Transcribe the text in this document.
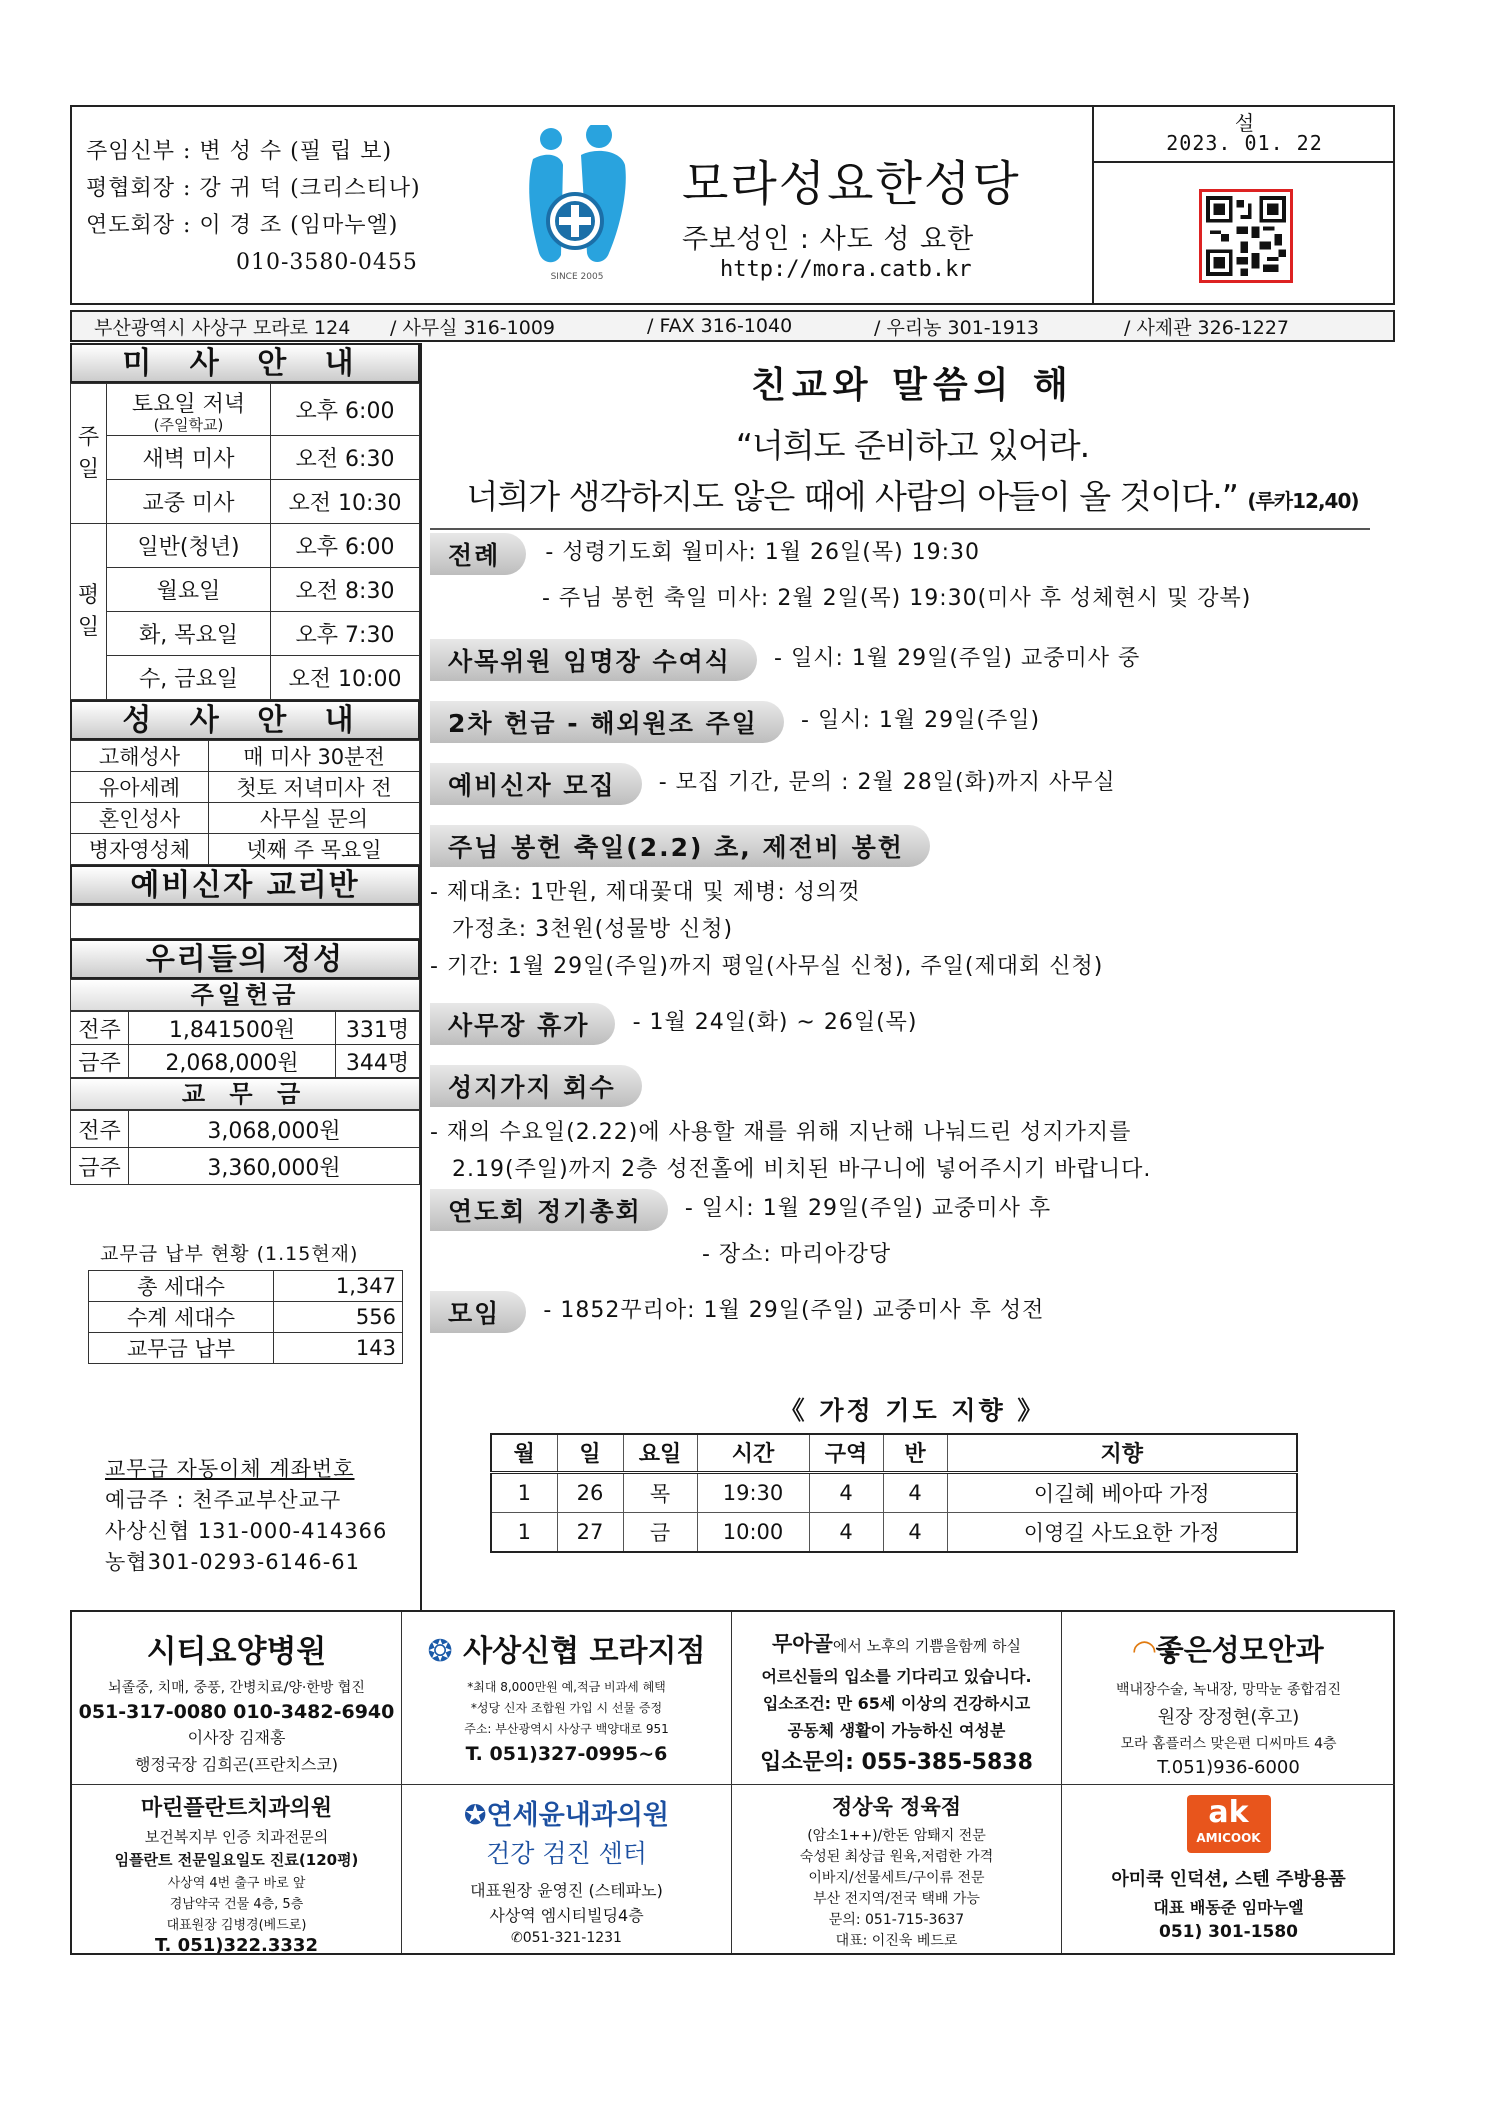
주임신부 : 변 성 수 (필 립 보)
평협회장 : 강 귀 덕 (크리스티나)
연도회장 : 이 경 조 (임마누엘)
010-3580-0455
SINCE 2005
모라성요한성당
주보성인 : 사도 성 요한
http://mora.catb.kr
설
2023. 01. 22
부산광역시 사상구 모라로 124 / 사무실 316-1009	/ FAX 316-1040	/ 우리농 301-1913	/ 사제관 326-1227
미 사 안 내
주일	토요일 저녁
(주일학교)	오후 6:00
	새벽 미사	오전 6:30
	교중 미사	오전 10:30
평일	일반(청년)	오후 6:00
	월요일	오전 8:30
	화, 목요일	오후 7:30
	수, 금요일	오전 10:00
성 사 안 내
고해성사	매 미사 30분전
유아세례	첫토 저녁미사 전
혼인성사	사무실 문의
병자영성체	넷째 주 목요일
예비신자 교리반
우리들의 정성
주일헌금
전주	1,841500원	331명
금주	2,068,000원	344명
교 무 금
전주	3,068,000원
금주	3,360,000원
교무금 납부 현황 (1.15현재)
총 세대수	1,347
수계 세대수	556
교무금 납부	143
교무금 자동이체 계좌번호
예금주 : 천주교부산교구
사상신협 131-000-414366
농협301-0293-6146-61
친교와 말씀의 해
“너희도 준비하고 있어라.
너희가 생각하지도 않은 때에 사람의 아들이 올 것이다.” (루카12,40)
전례 - 성령기도회 월미사: 1월 26일(목) 19:30
- 주님 봉헌 축일 미사: 2월 2일(목) 19:30(미사 후 성체현시 및 강복)
사목위원 임명장 수여식 - 일시: 1월 29일(주일) 교중미사 중
2차 헌금 - 해외원조 주일 - 일시: 1월 29일(주일)
예비신자 모집 - 모집 기간, 문의 : 2월 28일(화)까지 사무실
주님 봉헌 축일(2.2) 초, 제전비 봉헌
- 제대초: 1만원, 제대꽃대 및 제병: 성의껏
가정초: 3천원(성물방 신청)
- 기간: 1월 29일(주일)까지 평일(사무실 신청), 주일(제대회 신청)
사무장 휴가 - 1월 24일(화) ~ 26일(목)
성지가지 회수
- 재의 수요일(2.22)에 사용할 재를 위해 지난해 나눠드린 성지가지를
2.19(주일)까지 2층 성전홀에 비치된 바구니에 넣어주시기 바랍니다.
연도회 정기총회 - 일시: 1월 29일(주일) 교중미사 후
- 장소: 마리아강당
모임 - 1852꾸리아: 1월 29일(주일) 교중미사 후 성전
《 가정 기도 지향 》
월	일	요일	시간	구역	반	지향
1	26	목	19:30	4	4	이길혜 베아따 가정
1	27	금	10:00	4	4	이영길 사도요한 가정

시티요양병원

뇌졸중, 치매, 중풍, 간병치료/양·한방 협진

051-317-0080 010-3482-6940

이사장 김재홍

행정국장 김희곤(프란치스코)

❂ 사상신협 모라지점

*최대 8,000만원 예,적금 비과세 혜택

*성당 신자 조합원 가입 시 선물 증정

주소: 부산광역시 사상구 백양대로 951

T. 051)327-0995~6

무아골에서 노후의 기쁨을함께 하실

어르신들의 입소를 기다리고 있습니다.

입소조건: 만 65세 이상의 건강하시고

공동체 생활이 가능하신 여성분

입소문의: 055-385-5838

◠좋은성모안과

백내장수술, 녹내장, 망막눈 종합검진

원장 장정현(후고)

모라 홈플러스 맞은편 디씨마트 4층

T.051)936-6000

마린플란트치과의원

보건복지부 인증 치과전문의

임플란트 전문일요일도 진료(120평)

사상역 4번 출구 바로 앞

경남약국 건물 4층, 5층

대표원장 김병경(베드로)

T. 051)322.3332

✪연세윤내과의원

건강 검진 센터

대표원장 윤영진 (스테파노)

사상역 엠시티빌딩4층

✆051-321-1231

정상욱 정육점

(암소1++)/한돈 암퇘지 전문

숙성된 최상급 원육,저렴한 가격

이바지/선물세트/구이류 전문

부산 전지역/전국 택배 가능

문의: 051-715-3637

대표: 이진욱 베드로

ak
AMICOOK

아미쿡 인덕션, 스텐 주방용품

대표 배동준 임마누엘

051) 301-1580
